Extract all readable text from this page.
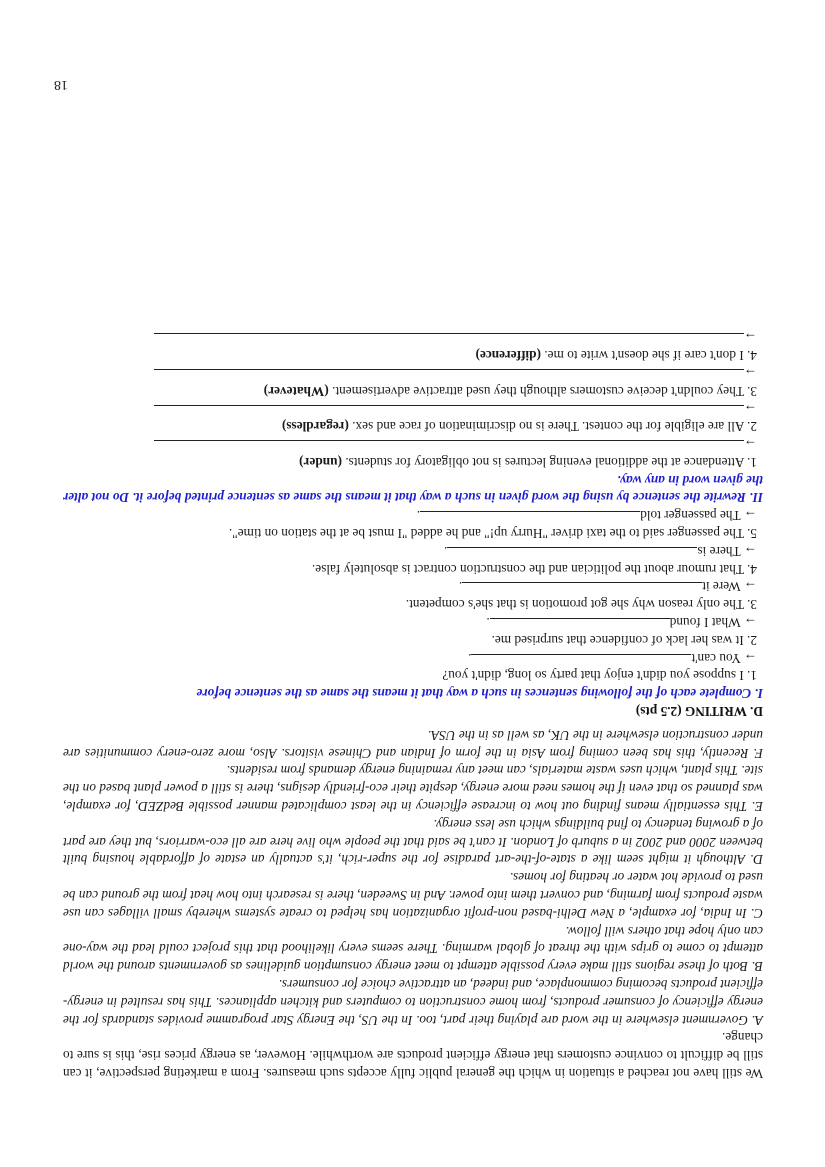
We still have not reached a situation in which the general public fully accepts such measures. From a marketing perspective, it can still be difficult to convince customers that energy efficient products are worthwhile. However, as energy prices rise, this is sure to change.

A. Government elsewhere in the word are playing their part, too. In the US, the Energy Star programme provides standards for the energy efficiency of consumer products, from home construction to computers and kitchen appliances. This has resulted in energy-efficient products becoming commonplace, and indeed, an attractive choice for consumers.

B. Both of these regions still make every possible attempt to meet energy consumption guidelines as governments around the world attempt to come to grips with the threat of global warming. There seems every likelihood that this project could lead the way-one can only hope that others will follow.

C. In India, for example, a New Delhi-based non-profit organization has helped to create systems whereby small villages can use waste products from farming, and convert them into power. And in Sweeden, there is research into how heat from the ground can be used to provide hot water or heating for homes.

D. Although it might seem like a state-of-the-art paradise for the super-rich, it's actually an estate of affordable housing built between 2000 and 2002 in a suburb of London. It can't be said that the people who live here are all eco-warriors, but they are part of a growing tendency to find buildings which use less energy.

E. This essentially means finding out how to increase efficiency in the least complicated manner possible BedZED, for example, was planned so that even if the homes need more energy, despite their eco-friendly designs, there is still a power plant based on the site. This plant, which uses waste materials, can meet any remaining energy demands from residents.

F. Recently, this has been coming from Asia in the form of Indian and Chinese visitors. Also, more zero-enery communities are under construction elsewhere in the UK, as well as in the USA.

D. WRITING (2.5 pts)

I. Complete each of the following sentences in such a way that it means the same as the sentence before

1. I suppose you didn't enjoy that party so long, didn't you?
→ You can't.
2. It was her lack of confidence that surprised me.
→ What I found.
3. The only reason why she got promotion is that she's competent.
→ Were it.
4. That rumour about the politician and the construction contract is absolutely false.
→ There is.
5. The passenger said to the taxi driver "Hurry up!" and he added "I must be at the station on time".
→ The passenger told.

II. Rewrite the sentence by using the word given in such a way that it means the same as sentence printed before it. Do not alter the given word in any way.

1. Attendance at the additional evening lectures is not obligatory for students. (under)
→
2. All are eligible for the contest. There is no discrimination of race and sex. (regardless)
→
3. They couldn't deceive customers although they used attractive advertisement. (Whatever)
→
4. I don't care if she doesn't write to me. (difference)
→
18
